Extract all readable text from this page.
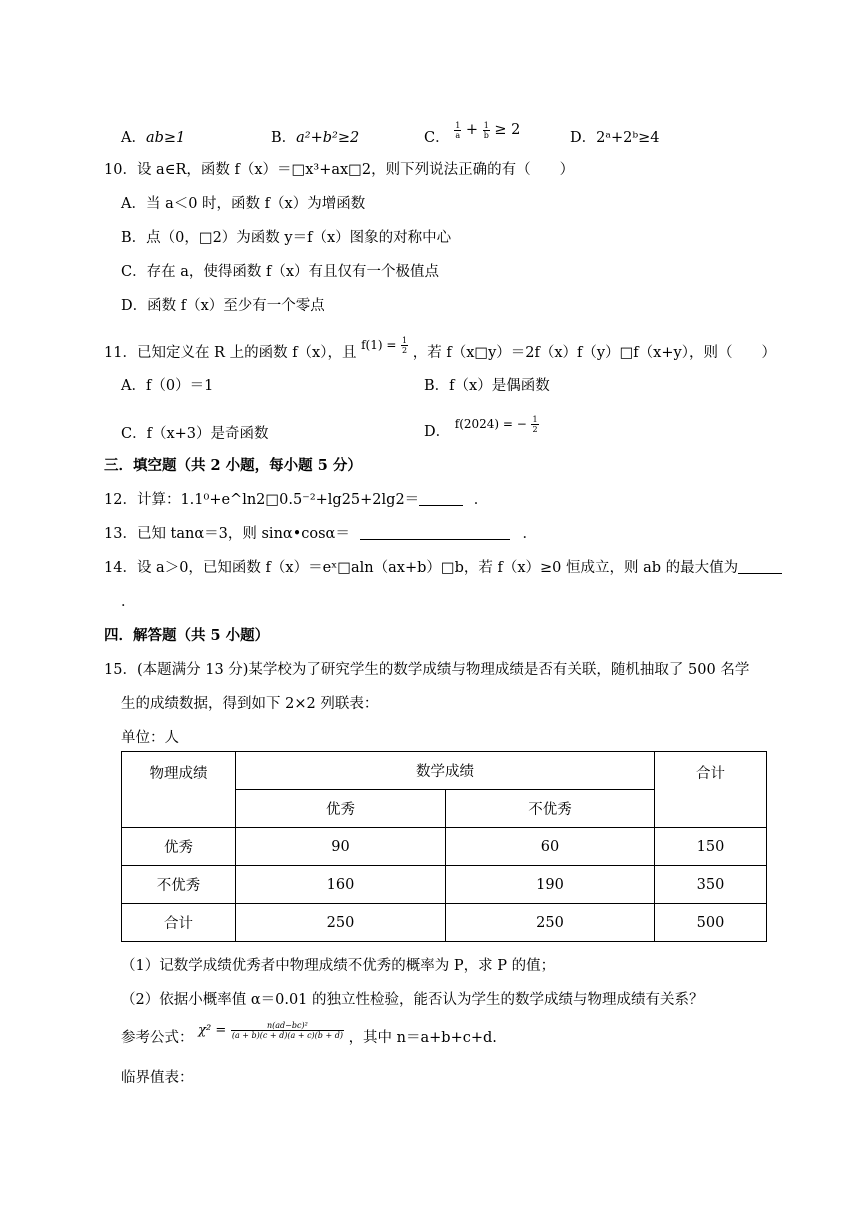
A．ab≥1	B．a²+b²≥2	C． $\frac{1}{a} + \frac{1}{b} \ge 2$	D．2ᵃ+2ᵇ≥4
10．设 a∈R，函数 f（x）＝□x³+ax□2，则下列说法正确的有（　　）
A．当 a＜0 时，函数 f（x）为增函数
B．点（0，□2）为函数 y＝f（x）图象的对称中心
C．存在 a，使得函数 f（x）有且仅有一个极值点
D．函数 f（x）至少有一个零点
11．已知定义在 R 上的函数 f（x），且 $f(1) = \frac{1}{2}$ ，若 f（x□y）＝2f（x）f（y）□f（x+y），则（　　）
A．f（0）＝1	B．f（x）是偶函数
C．f（x+3）是奇函数	D． f(2024) = − $\frac{1}{2}$
三．填空题（共 2 小题，每小题 5 分）
12．计算：1.1⁰+e^ln2□0.5⁻²+lg25+2lg2＝	．
13．已知 tanα＝3，则 sinα•cosα＝	．
14．设 a＞0，已知函数 f（x）＝eˣ□aln（ax+b）□b，若 f（x）≥0 恒成立，则 ab 的最大值为
．
四．解答题（共 5 小题）
15．(本题满分 13 分)某学校为了研究学生的数学成绩与物理成绩是否有关联，随机抽取了 500 名学
生的成绩数据，得到如下 2×2 列联表：
单位：人
物理成绩	数学成绩		合计
	优秀	不优秀	
优秀	90	60	150
不优秀	160	190	350
合计	250	250	500
（1）记数学成绩优秀者中物理成绩不优秀的概率为 P，求 P 的值；
（2）依据小概率值 α＝0.01 的独立性检验，能否认为学生的数学成绩与物理成绩有关系？
参考公式： $\chi^2 = \frac{\text{n(ad−bc)²}}{(a + b)(c + d)(a + c)(b + d)}$ ，其中 n＝a+b+c+d.
临界值表：
